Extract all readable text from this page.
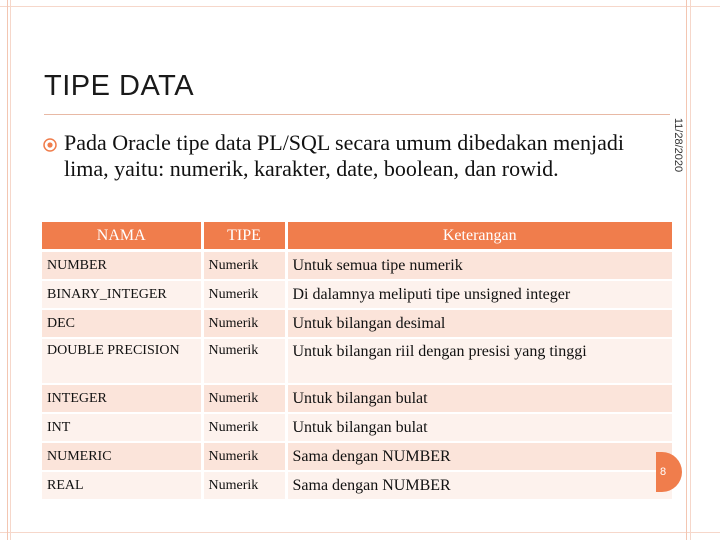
TIPE DATA
11/28/2020
Pada Oracle tipe data PL/SQL secara umum dibedakan menjadi lima, yaitu: numerik, karakter, date, boolean, dan rowid.
NAMA	TIPE	Keterangan
NUMBER	Numerik	Untuk semua tipe numerik
BINARY_INTEGER	Numerik	Di dalamnya meliputi tipe unsigned integer
DEC	Numerik	Untuk bilangan desimal
DOUBLE PRECISION	Numerik	Untuk bilangan riil dengan presisi yang tinggi
INTEGER	Numerik	Untuk bilangan bulat
INT	Numerik	Untuk bilangan bulat
NUMERIC	Numerik	Sama dengan NUMBER
REAL	Numerik	Sama dengan NUMBER
8
